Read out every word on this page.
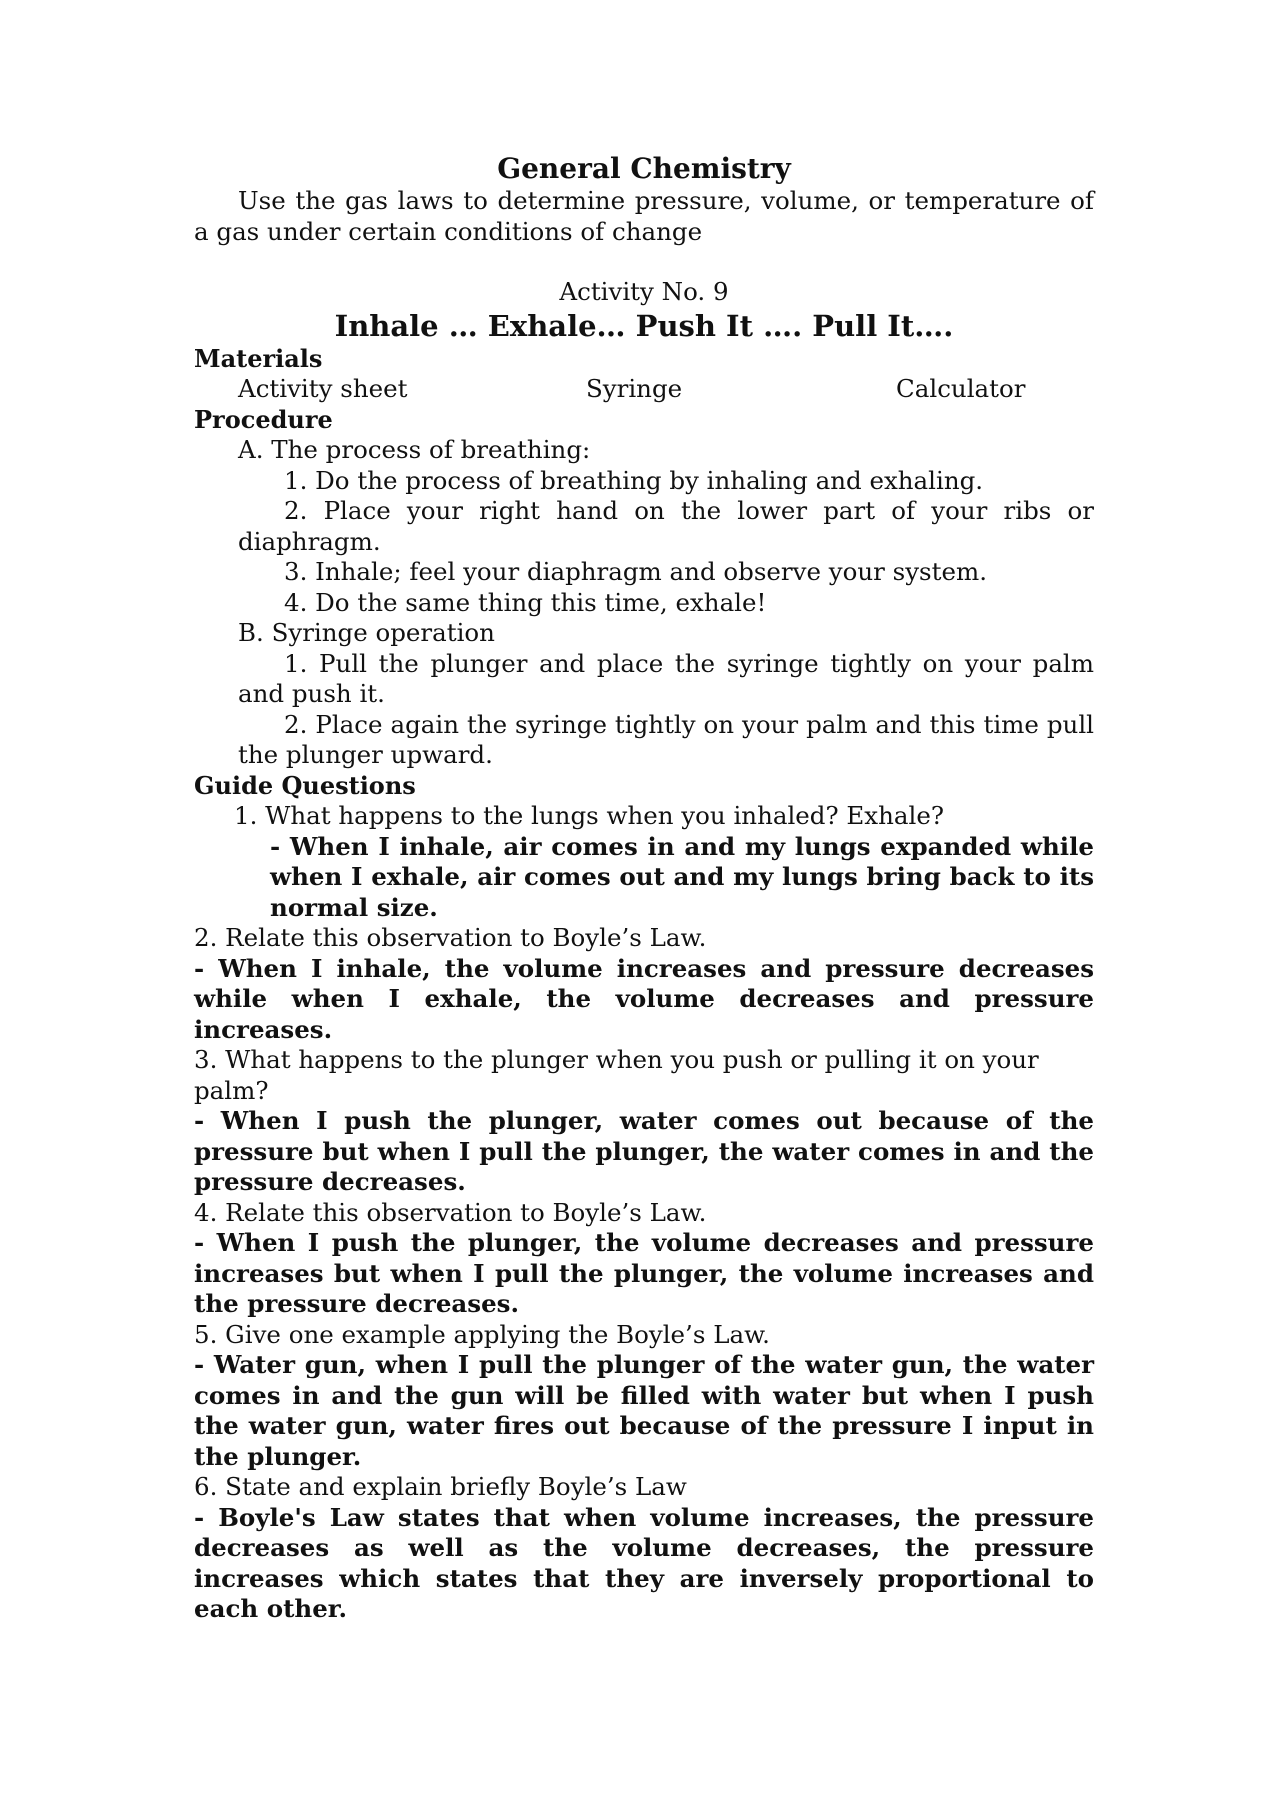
General Chemistry
Use the gas laws to determine pressure, volume, or temperature of a gas under certain conditions of change
Activity No. 9
Inhale … Exhale… Push It …. Pull It….
Materials
Activity sheet	Syringe	Calculator
Procedure
A. The process of breathing:
1. Do the process of breathing by inhaling and exhaling.
2. Place your right hand on the lower part of your ribs or diaphragm.
3. Inhale; feel your diaphragm and observe your system.
4. Do the same thing this time, exhale!
B. Syringe operation
1. Pull the plunger and place the syringe tightly on your palm and push it.
2. Place again the syringe tightly on your palm and this time pull the plunger upward.
Guide Questions
1. What happens to the lungs when you inhaled? Exhale?
- When I inhale, air comes in and my lungs expanded while when I exhale, air comes out and my lungs bring back to its normal size.
2. Relate this observation to Boyle’s Law.
- When I inhale, the volume increases and pressure decreases while when I exhale, the volume decreases and pressure increases.
3. What happens to the plunger when you push or pulling it on your palm?
- When I push the plunger, water comes out because of the pressure but when I pull the plunger, the water comes in and the pressure decreases.
4. Relate this observation to Boyle’s Law.
- When I push the plunger, the volume decreases and pressure increases but when I pull the plunger, the volume increases and the pressure decreases.
5. Give one example applying the Boyle’s Law.
- Water gun, when I pull the plunger of the water gun, the water comes in and the gun will be filled with water but when I push the water gun, water fires out because of the pressure I input in the plunger.
6. State and explain briefly Boyle’s Law
- Boyle's Law states that when volume increases, the pressure decreases as well as the volume decreases, the pressure increases which states that they are inversely proportional to each other.
